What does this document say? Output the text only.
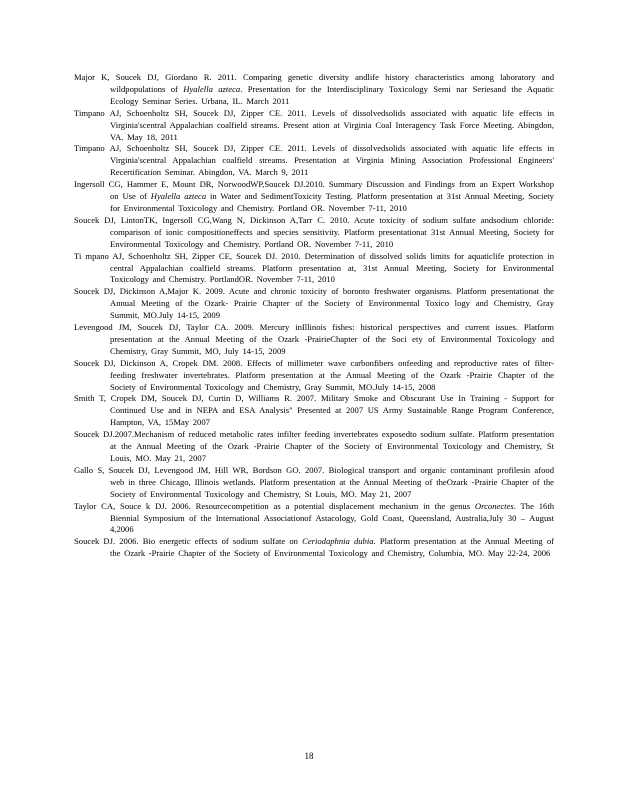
Major K, Soucek DJ, Giordano R. 2011. Comparing genetic diversity andlife history characteristics among laboratory and wildpopulations of Hyalella azteca. Presentation for the Interdisciplinary Toxicology Semi nar Seriesand the Aquatic Ecology Seminar Series. Urbana, IL. March 2011

Timpano AJ, Schoenholtz SH, Soucek DJ, Zipper CE. 2011. Levels of dissolvedsolids associated with aquatic life effects in Virginia'scentral Appalachian coalfield streams. Present ation at Virginia Coal Interagency Task Force Meeting. Abingdon, VA. May 18, 2011

Timpano AJ, Schoenholtz SH, Soucek DJ, Zipper CE. 2011. Levels of dissolvedsolids associated with aquatic life effects in Virginia'scentral Appalachian coalfield streams. Presentation at Virginia Mining Association Professional Engineers' Recertification Seminar. Abingdon, VA. March 9, 2011

Ingersoll CG, Hammer E, Mount DR, NorwoodWP,Soucek DJ.2010. Summary Discussion and Findings from an Expert Workshop on Use of Hyalella azteca in Water and SedimentToxicity Testing. Platform presentation at 31st Annual Meeting, Society for Environmental Toxicology and Chemistry. Portland OR. November 7-11, 2010

Soucek DJ, LintonTK, Ingersoll CG,Wang N, Dickinson A,Tarr C. 2010. Acute toxicity of sodium sulfate andsodium chloride: comparison of ionic compositioneffects and species sensitivity. Platform presentationat 31st Annual Meeting, Society for Environmental Toxicology and Chemistry. Portland OR. November 7-11, 2010

Ti mpano AJ, Schoenholtz SH, Zipper CE, Soucek DJ. 2010. Determination of dissolved solids limits for aquaticlife protection in central Appalachian coalfield streams. Platform presentation at, 31st Annual Meeting, Society for Environmental Toxicology and Chemistry. PortlandOR. November 7-11, 2010

Soucek DJ, Dickinson A,Major K. 2009. Acute and chronic toxicity of boronto freshwater organisms. Platform presentationat the Annual Meeting of the Ozark- Prairie Chapter of the Society of Environmental Toxico logy and Chemistry, Gray Summit, MO.July 14-15, 2009

Levengood JM, Soucek DJ, Taylor CA. 2009. Mercury inIllinois fishes: historical perspectives and current issues. Platform presentation at the Annual Meeting of the Ozark -PrairieChapter of the Soci ety of Environmental Toxicology and Chemistry, Gray Summit, MO, July 14-15, 2009

Soucek DJ, Dickinson A, Cropek DM. 2008. Effects of millimeter wave carbonfibers onfeeding and reproductive rates of filter- feeding freshwater invertebrates. Platform presentation at the Annual Meeting of the Ozark -Prairie Chapter of the Society of Environmental Toxicology and Chemistry, Gray Summit, MO.July 14-15, 2008

Smith T, Cropek DM, Soucek DJ, Curtin D, Williams R. 2007. Military Smoke and Obscurant Use In Training - Support for Continued Use and in NEPA and ESA Analysis" Presented at 2007 US Army Sustainable Range Program Conference, Hampton, VA, 15May 2007

Soucek DJ.2007.Mechanism of reduced metabolic rates infilter feeding invertebrates exposedto sodium sulfate. Platform presentation at the Annual Meeting of the Ozark -Prairie Chapter of the Society of Environmental Toxicology and Chemistry, St Louis, MO. May 21, 2007

Gallo S, Soucek DJ, Levengood JM, Hill WR, Bordson GO. 2007. Biological transport and organic contaminant profilesin afood web in three Chicago, Illinois wetlands. Platform presentation at the Annual Meeting of theOzark -Prairie Chapter of the Society of Environmental Toxicology and Chemistry, St Louis, MO. May 21, 2007

Taylor CA, Souce k DJ. 2006. Resourcecompetition as a potential displacement mechanism in the genus Orconectes. The 16th Biennial Symposium of the International Associationof Astacology, Gold Coast, Queensland, Australia,July 30 – August 4,2006

Soucek DJ. 2006. Bio energetic effects of sodium sulfate on Ceriodaphnia dubia. Platform presentation at the Annual Meeting of the Ozark -Prairie Chapter of the Society of Environmental Toxicology and Chemistry, Columbia, MO. May 22-24, 2006

18
